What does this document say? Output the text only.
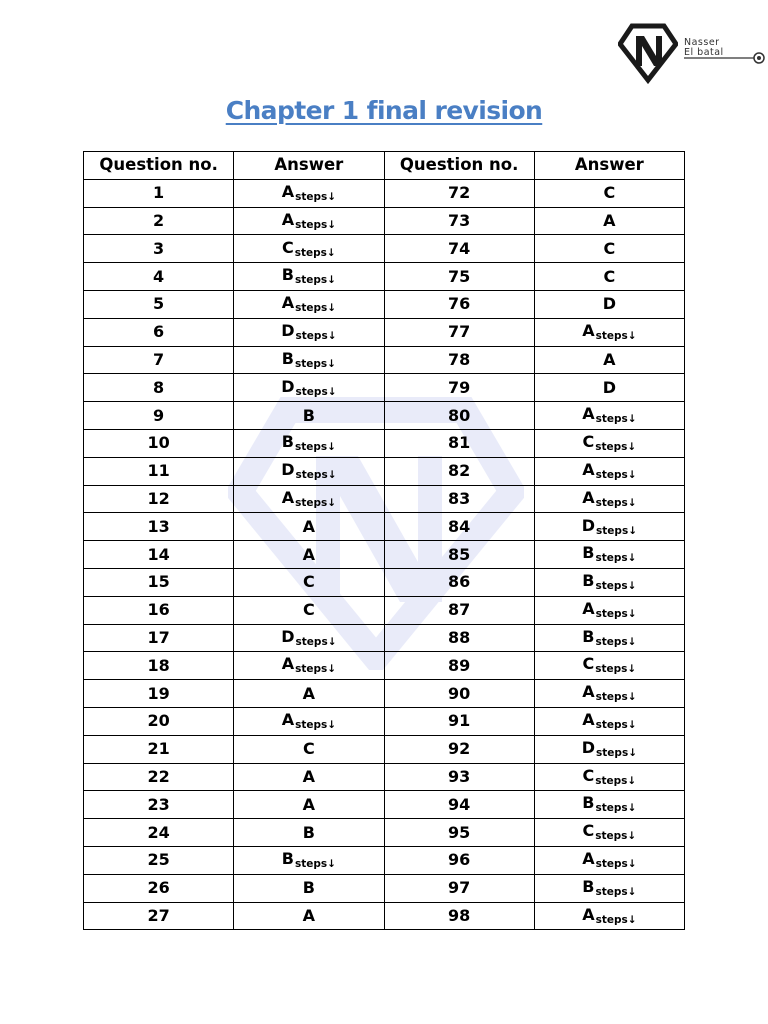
Nasser
El batal
Chapter 1 final revision
Question no.	Answer	Question no.	Answer
1	Asteps↓	72	C
2	Asteps↓	73	A
3	Csteps↓	74	C
4	Bsteps↓	75	C
5	Asteps↓	76	D
6	Dsteps↓	77	Asteps↓
7	Bsteps↓	78	A
8	Dsteps↓	79	D
9	B	80	Asteps↓
10	Bsteps↓	81	Csteps↓
11	Dsteps↓	82	Asteps↓
12	Asteps↓	83	Asteps↓
13	A	84	Dsteps↓
14	A	85	Bsteps↓
15	C	86	Bsteps↓
16	C	87	Asteps↓
17	Dsteps↓	88	Bsteps↓
18	Asteps↓	89	Csteps↓
19	A	90	Asteps↓
20	Asteps↓	91	Asteps↓
21	C	92	Dsteps↓
22	A	93	Csteps↓
23	A	94	Bsteps↓
24	B	95	Csteps↓
25	Bsteps↓	96	Asteps↓
26	B	97	Bsteps↓
27	A	98	Asteps↓
